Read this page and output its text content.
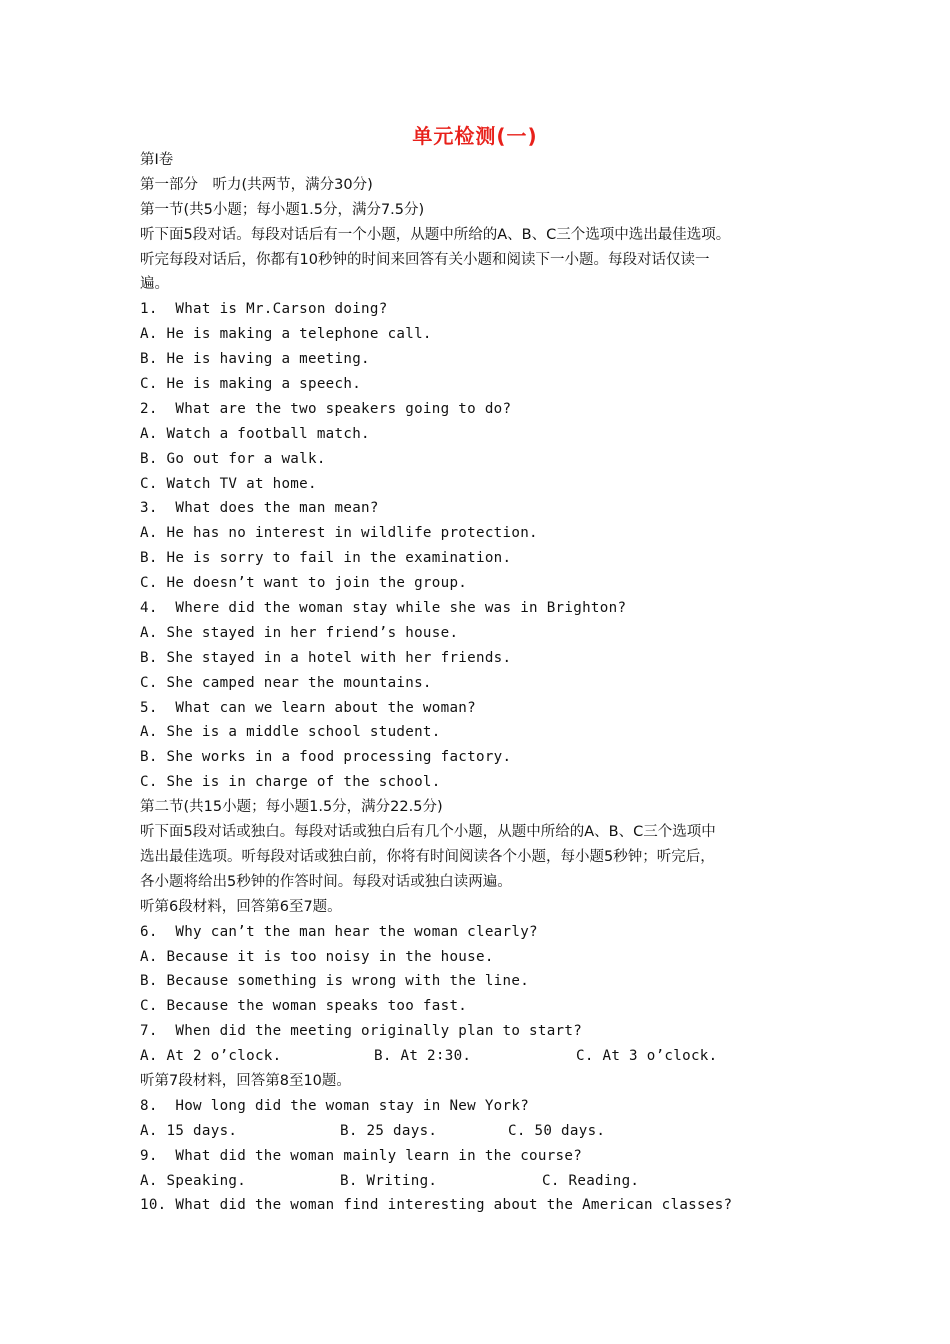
单元检测(一)
第Ⅰ卷
第一部分　听力(共两节，满分30分)
第一节(共5小题；每小题1.5分，满分7.5分)
听下面5段对话。每段对话后有一个小题，从题中所给的A、B、C三个选项中选出最佳选项。
听完每段对话后，你都有10秒钟的时间来回答有关小题和阅读下一小题。每段对话仅读一
遍。
1.  What is Mr.Carson doing?
A. He is making a telephone call.
B. He is having a meeting.
C. He is making a speech.
2.  What are the two speakers going to do?
A. Watch a football match.
B. Go out for a walk.
C. Watch TV at home.
3.  What does the man mean?
A. He has no interest in wildlife protection.
B. He is sorry to fail in the examination.
C. He doesn’t want to join the group.
4.  Where did the woman stay while she was in Brighton?
A. She stayed in her friend’s house.
B. She stayed in a hotel with her friends.
C. She camped near the mountains.
5.  What can we learn about the woman?
A. She is a middle school student.
B. She works in a food processing factory.
C. She is in charge of the school.
第二节(共15小题；每小题1.5分，满分22.5分)
听下面5段对话或独白。每段对话或独白后有几个小题，从题中所给的A、B、C三个选项中
选出最佳选项。听每段对话或独白前，你将有时间阅读各个小题，每小题5秒钟；听完后，
各小题将给出5秒钟的作答时间。每段对话或独白读两遍。
听第6段材料，回答第6至7题。
6.  Why can’t the man hear the woman clearly?
A. Because it is too noisy in the house.
B. Because something is wrong with the line.
C. Because the woman speaks too fast.
7.  When did the meeting originally plan to start?
A. At 2 o’clock.	B. At 2∶30.	C. At 3 o’clock.
听第7段材料，回答第8至10题。
8.  How long did the woman stay in New York?
A. 15 days.	B. 25 days.	C. 50 days.
9.  What did the woman mainly learn in the course?
A. Speaking.	B. Writing.	C. Reading.
10. What did the woman find interesting about the American classes?
